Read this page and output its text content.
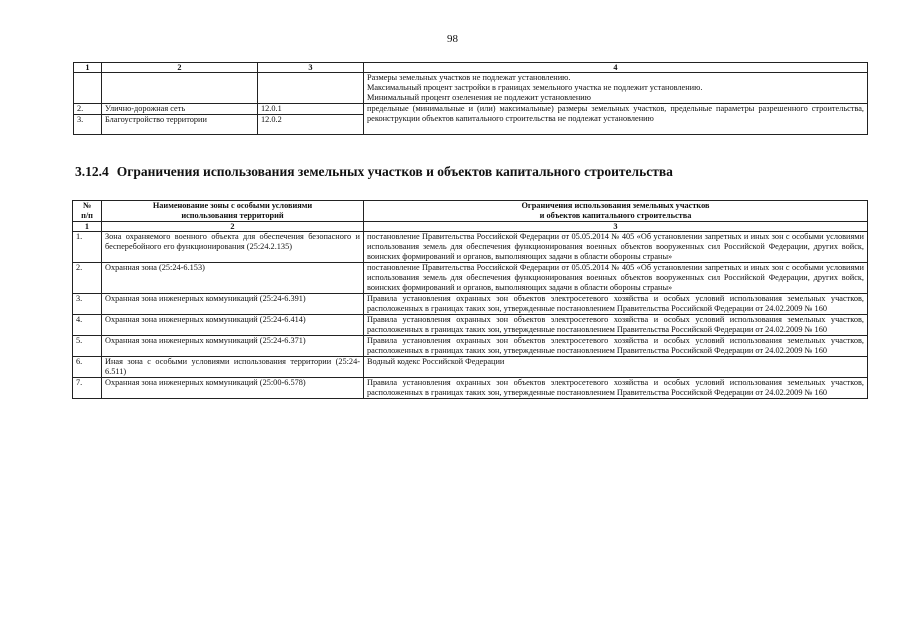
98
1	2	3	4

			Размеры земельных участков не подлежат установлению.
Максимальный процент застройки в границах земельного участка не подлежит установлению.
Минимальный процент озеленения не подлежит установлению

2.	Улично-дорожная сеть	12.0.1	предельные (минимальные и (или) максимальные) размеры земельных участков, предельные параметры разрешенного строительства, реконструкции объектов капитального строительства не подлежат установлению
3.	Благоустройство территории	12.0.2	
3.12.4 Ограничения использования земельных участков и объектов капитального строительства
№
п/п	Наименование зоны с особыми условиями
использования территорий	Ограничения использования земельных участков
и объектов капитального строительства

1	2	3
1.	Зона охраняемого военного объекта для обеспечения безопасного и бесперебойного его функционирования (25:24.2.135)	постановление Правительства Российской Федерации от 05.05.2014 № 405 «Об установлении запретных и иных зон с особыми условиями использования земель для обеспечения функционирования военных объектов вооруженных сил Российской Федерации, других войск, воинских формирований и органов, выполняющих задачи в области обороны страны»
2.	Охранная зона (25:24-6.153)	постановление Правительства Российской Федерации от 05.05.2014 № 405 «Об установлении запретных и иных зон с особыми условиями использования земель для обеспечения функционирования военных объектов вооруженных сил Российской Федерации, других войск, воинских формирований и органов, выполняющих задачи в области обороны страны»
3.	Охранная зона инженерных коммуникаций (25:24-6.391)	Правила установления охранных зон объектов электросетевого хозяйства и особых условий использования земельных участков, расположенных в границах таких зон, утвержденные постановлением Правительства Российской Федерации от 24.02.2009 № 160
4.	Охранная зона инженерных коммуникаций (25:24-6.414)	Правила установления охранных зон объектов электросетевого хозяйства и особых условий использования земельных участков, расположенных в границах таких зон, утвержденные постановлением Правительства Российской Федерации от 24.02.2009 № 160
5.	Охранная зона инженерных коммуникаций (25:24-6.371)	Правила установления охранных зон объектов электросетевого хозяйства и особых условий использования земельных участков, расположенных в границах таких зон, утвержденные постановлением Правительства Российской Федерации от 24.02.2009 № 160
6.	Иная зона с особыми условиями использования территории (25:24-6.511)	Водный кодекс Российской Федерации
7.	Охранная зона инженерных коммуникаций (25:00-6.578)	Правила установления охранных зон объектов электросетевого хозяйства и особых условий использования земельных участков, расположенных в границах таких зон, утвержденные постановлением Правительства Российской Федерации от 24.02.2009 № 160
